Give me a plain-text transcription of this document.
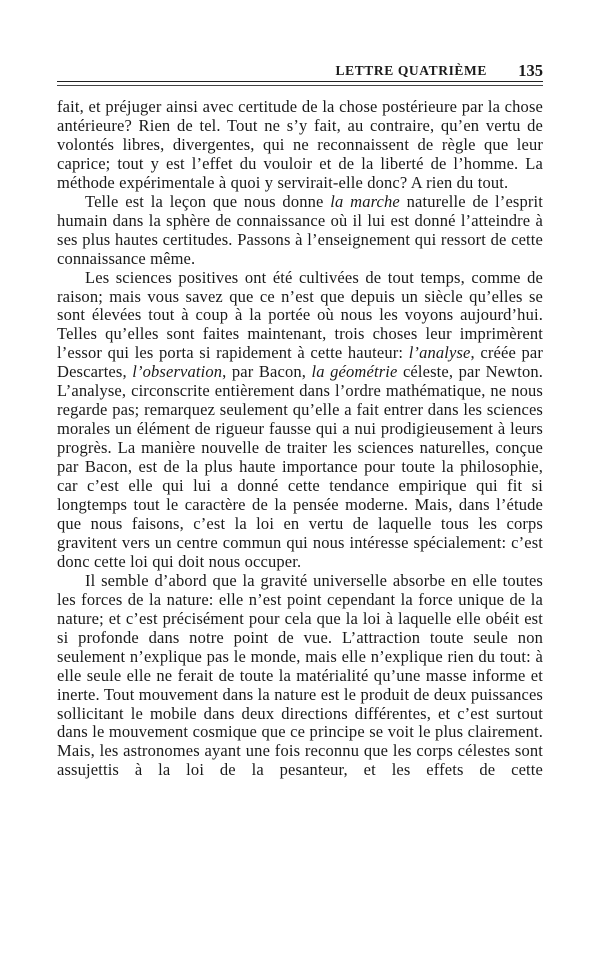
LETTRE QUATRIÈME 135

fait, et préjuger ainsi avec certitude de la chose postérieure par la chose antérieure? Rien de tel. Tout ne s’y fait, au contraire, qu’en vertu de volontés libres, divergentes, qui ne reconnaissent de règle que leur caprice; tout y est l’effet du vouloir et de la liberté de l’homme. La méthode expérimentale à quoi y servirait-elle donc? A rien du tout.

Telle est la leçon que nous donne la marche naturelle de l’esprit humain dans la sphère de connaissance où il lui est donné l’atteindre à ses plus hautes certitudes. Passons à l’enseignement qui ressort de cette connaissance même.

Les sciences positives ont été cultivées de tout temps, comme de raison; mais vous savez que ce n’est que depuis un siècle qu’elles se sont élevées tout à coup à la portée où nous les voyons aujourd’hui. Telles qu’elles sont faites maintenant, trois choses leur imprimèrent l’essor qui les porta si rapidement à cette hauteur: l’analyse, créée par Descartes, l’observation, par Bacon, la géométrie céleste, par Newton. L’analyse, circonscrite entièrement dans l’ordre mathématique, ne nous regarde pas; remarquez seulement qu’elle a fait entrer dans les sciences morales un élément de rigueur fausse qui a nui prodigieusement à leurs progrès. La manière nouvelle de traiter les sciences naturelles, conçue par Bacon, est de la plus haute importance pour toute la philosophie, car c’est elle qui lui a donné cette tendance empirique qui fit si longtemps tout le caractère de la pensée moderne. Mais, dans l’étude que nous faisons, c’est la loi en vertu de laquelle tous les corps gravitent vers un centre commun qui nous intéresse spécialement: c’est donc cette loi qui doit nous occuper.

Il semble d’abord que la gravité universelle absorbe en elle toutes les forces de la nature: elle n’est point cependant la force unique de la nature; et c’est précisément pour cela que la loi à laquelle elle obéit est si profonde dans notre point de vue. L’attraction toute seule non seulement n’explique pas le monde, mais elle n’explique rien du tout: à elle seule elle ne ferait de toute la matérialité qu’une masse informe et inerte. Tout mouvement dans la nature est le produit de deux puissances sollicitant le mobile dans deux directions différentes, et c’est surtout dans le mouvement cosmique que ce principe se voit le plus clairement. Mais, les astronomes ayant une fois reconnu que les corps célestes sont assujettis à la loi de la pesanteur, et les effets de cette
